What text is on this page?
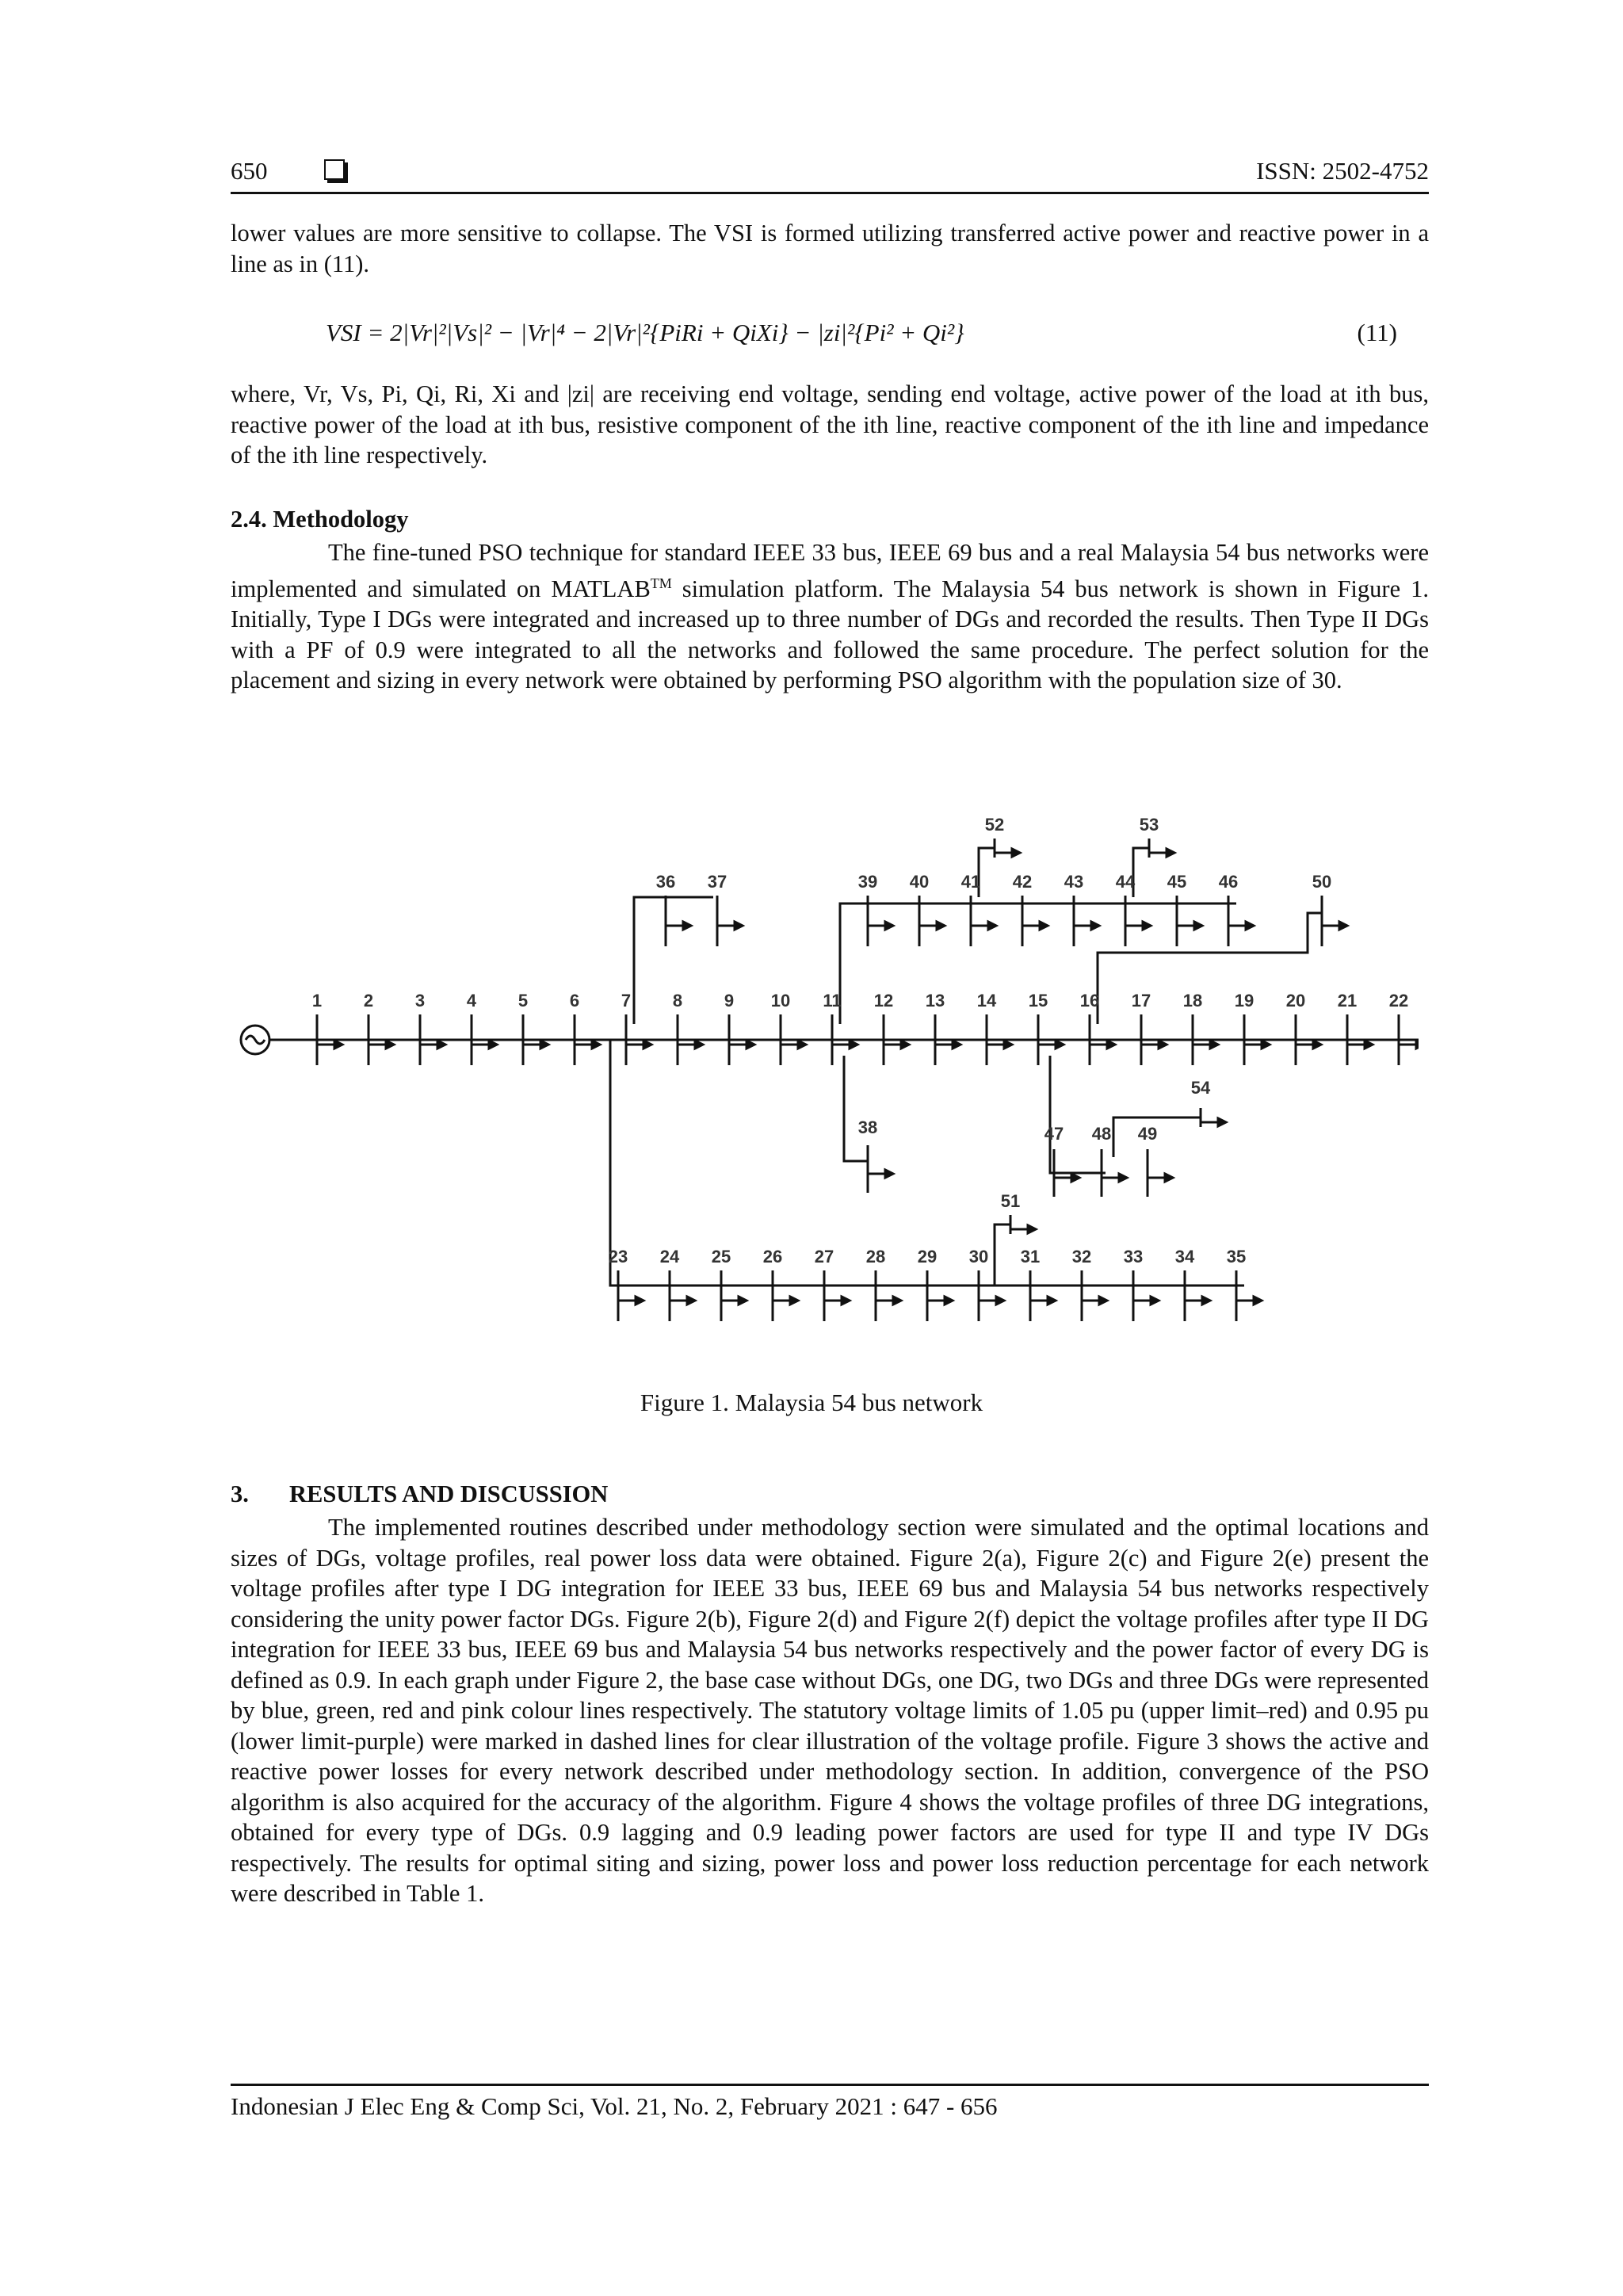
650	ISSN: 2502-4752
lower values are more sensitive to collapse. The VSI is formed utilizing transferred active power and reactive power in a line as in (11).
VSI = 2|Vr|²|Vs|² − |Vr|⁴ − 2|Vr|²{PiRi + QiXi} − |zi|²{Pi² + Qi²}	(11)
where, Vr, Vs, Pi, Qi, Ri, Xi and |zi| are receiving end voltage, sending end voltage, active power of the load at ith bus, reactive power of the load at ith bus, resistive component of the ith line, reactive component of the ith line and impedance of the ith line respectively.
2.4. Methodology
The fine-tuned PSO technique for standard IEEE 33 bus, IEEE 69 bus and a real Malaysia 54 bus networks were implemented and simulated on MATLAB™ simulation platform. The Malaysia 54 bus network is shown in Figure 1. Initially, Type I DGs were integrated and increased up to three number of DGs and recorded the results. Then Type II DGs with a PF of 0.9 were integrated to all the networks and followed the same procedure. The perfect solution for the placement and sizing in every network were obtained by performing PSO algorithm with the population size of 30.
1 2 3 4 5 6 7 8 9 10 11 12 13 14 15 16 17 18 19 20 21 22
23 24 25 26 27 28 29 30 31 32 33 34 35
36 37	39 40 41 42 43 44 45 46
52	53
50
38	47 48 49
54
51
Figure 1. Malaysia 54 bus network
3. RESULTS AND DISCUSSION
The implemented routines described under methodology section were simulated and the optimal locations and sizes of DGs, voltage profiles, real power loss data were obtained. Figure 2(a), Figure 2(c) and Figure 2(e) present the voltage profiles after type I DG integration for IEEE 33 bus, IEEE 69 bus and Malaysia 54 bus networks respectively considering the unity power factor DGs. Figure 2(b), Figure 2(d) and Figure 2(f) depict the voltage profiles after type II DG integration for IEEE 33 bus, IEEE 69 bus and Malaysia 54 bus networks respectively and the power factor of every DG is defined as 0.9. In each graph under Figure 2, the base case without DGs, one DG, two DGs and three DGs were represented by blue, green, red and pink colour lines respectively. The statutory voltage limits of 1.05 pu (upper limit–red) and 0.95 pu (lower limit-purple) were marked in dashed lines for clear illustration of the voltage profile. Figure 3 shows the active and reactive power losses for every network described under methodology section. In addition, convergence of the PSO algorithm is also acquired for the accuracy of the algorithm. Figure 4 shows the voltage profiles of three DG integrations, obtained for every type of DGs. 0.9 lagging and 0.9 leading power factors are used for type II and type IV DGs respectively. The results for optimal siting and sizing, power loss and power loss reduction percentage for each network were described in Table 1.
Indonesian J Elec Eng & Comp Sci, Vol. 21, No. 2, February 2021 : 647 - 656
